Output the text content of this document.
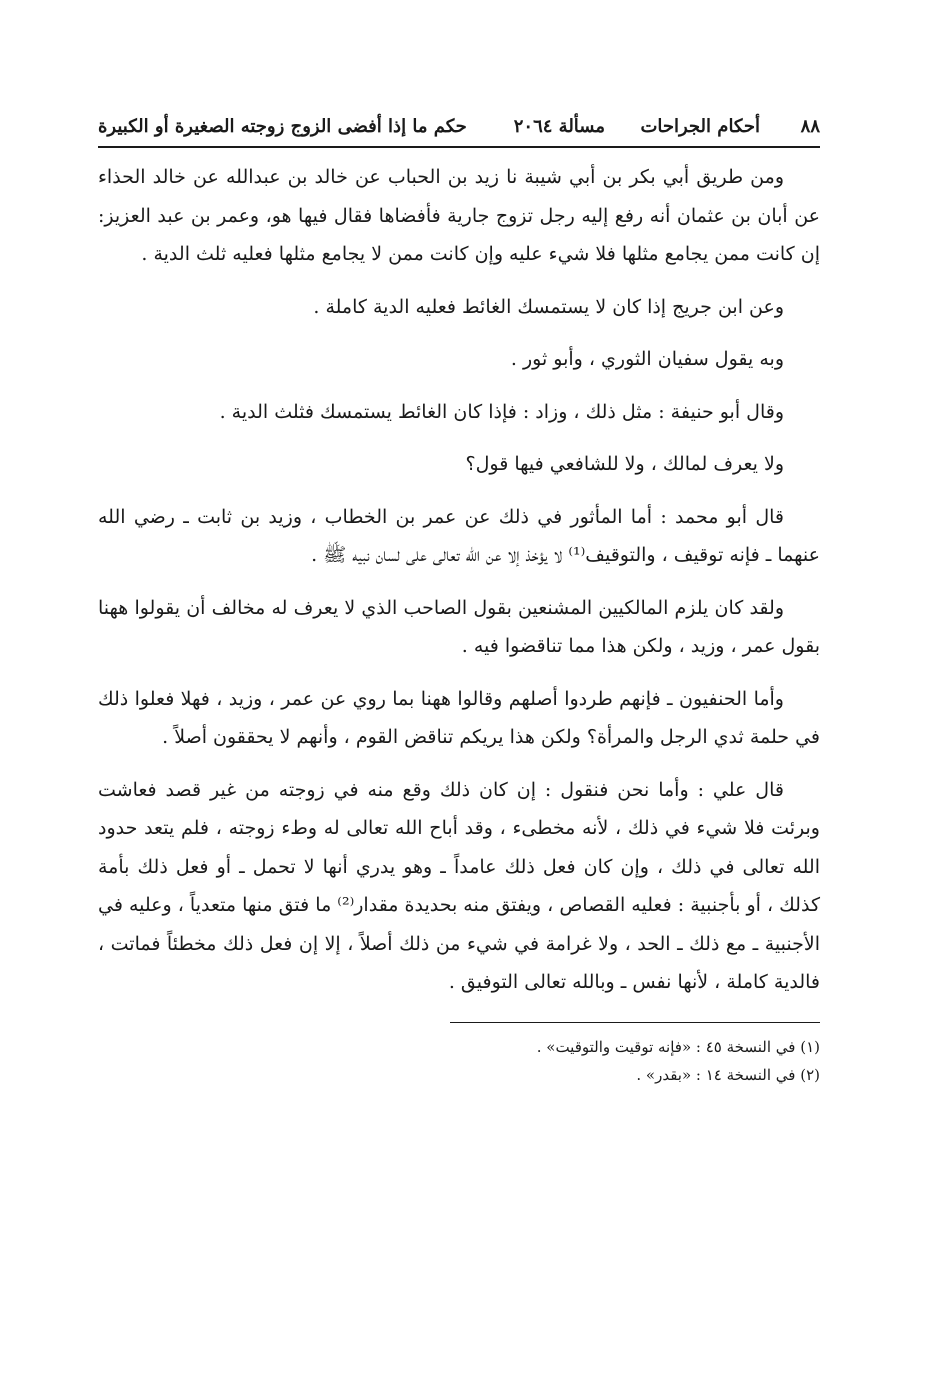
٨٨
أحكام الجراحات
مسألة ٢٠٦٤
حكم ما إذا أفضى الزوج زوجته الصغيرة أو الكبيرة

ومن طريق أبي بكر بن أبي شيبة نا زيد بن الحباب عن خالد بن عبدالله عن خالد الحذاء عن أبان بن عثمان أنه رفع إليه رجل تزوج جارية فأفضاها فقال فيها هو، وعمر بن عبد العزيز: إن كانت ممن يجامع مثلها فلا شيء عليه وإن كانت ممن لا يجامع مثلها فعليه ثلث الدية .

وعن ابن جريج إذا كان لا يستمسك الغائط فعليه الدية كاملة .

وبه يقول سفيان الثوري ، وأبو ثور .

وقال أبو حنيفة : مثل ذلك ، وزاد : فإذا كان الغائط يستمسك فثلث الدية .

ولا يعرف لمالك ، ولا للشافعي فيها قول؟

قال أبو محمد : أما المأثور في ذلك عن عمر بن الخطاب ، وزيد بن ثابت ـ رضي الله عنهما ـ فإنه توقيف ، والتوقيف⁽¹⁾ لا يؤخذ إلا عن الله تعالى على لسان نبيه ﷺ .

ولقد كان يلزم المالكيين المشنعين بقول الصاحب الذي لا يعرف له مخالف أن يقولوا ههنا بقول عمر ، وزيد ، ولكن هذا مما تناقضوا فيه .

وأما الحنفيون ـ فإنهم طردوا أصلهم وقالوا ههنا بما روي عن عمر ، وزيد ، فهلا فعلوا ذلك في حلمة ثدي الرجل والمرأة؟ ولكن هذا يريكم تناقض القوم ، وأنهم لا يحققون أصلاً .

قال علي : وأما نحن فنقول : إن كان ذلك وقع منه في زوجته من غير قصد فعاشت وبرئت فلا شيء في ذلك ، لأنه مخطىء ، وقد أباح الله تعالى له وطء زوجته ، فلم يتعد حدود الله تعالى في ذلك ، وإن كان فعل ذلك عامداً ـ وهو يدري أنها لا تحمل ـ أو فعل ذلك بأمة كذلك ، أو بأجنبية : فعليه القصاص ، ويفتق منه بحديدة مقدار⁽²⁾ ما فتق منها متعدياً ، وعليه في الأجنبية ـ مع ذلك ـ الحد ، ولا غرامة في شيء من ذلك أصلاً ، إلا إن فعل ذلك مخطئاً فماتت ، فالدية كاملة ، لأنها نفس ـ وبالله تعالى التوفيق .

(١) في النسخة ٤٥ : «فإنه توقيت والتوقيت» .
(٢) في النسخة ١٤ : «بقدر» .
